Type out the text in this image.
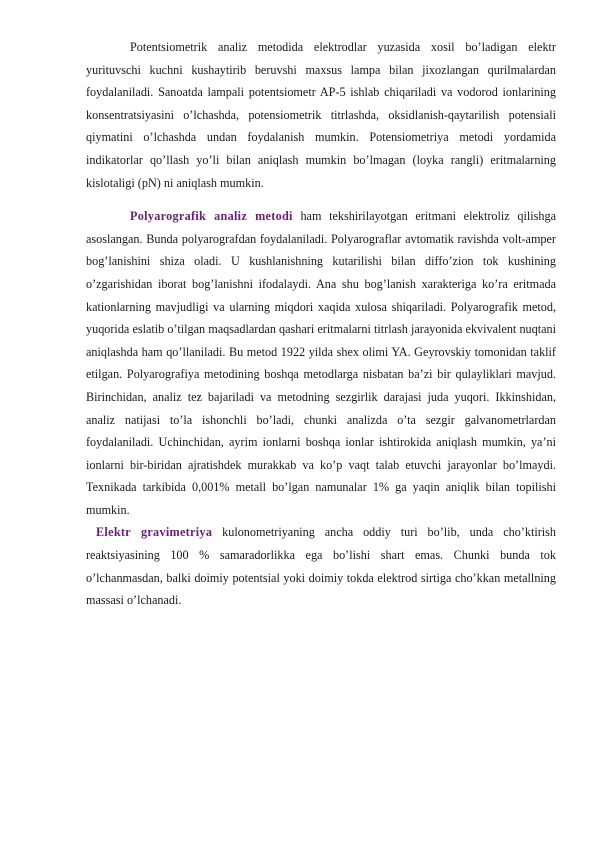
Potentsiometrik analiz metodida elektrodlar yuzasida xosil bo’ladigan elektr yurituvschi kuchni kushaytirib beruvshi maxsus lampa bilan jixozlangan qurilmalardan foydalaniladi. Sanoatda lampali potentsiometr AP-5 ishlab chiqariladi va vodorod ionlarining konsentratsiyasini o’lchashda, potensiometrik titrlashda, oksidlanish-qaytarilish potensiali qiymatini o’lchashda undan foydalanish mumkin. Potensiometriya metodi yordamida indikatorlar qo’llash yo’li bilan aniqlash mumkin bo’lmagan (loyka rangli) eritmalarning kislotaligi (pN) ni aniqlash mumkin.

Polyarografik analiz metodi ham tekshirilayotgan eritmani elektroliz qilishga asoslangan. Bunda polyarografdan foydalaniladi. Polyarograflar avtomatik ravishda volt-amper bog’lanishini shiza oladi. U kushlanishning kutarilishi bilan diffo’zion tok kushining o’zgarishidan iborat bog’lanishni ifodalaydi. Ana shu bog’lanish xarakteriga ko’ra eritmada kationlarning mavjudligi va ularning miqdori xaqida xulosa shiqariladi. Polyarografik metod, yuqorida eslatib o’tilgan maqsadlardan qashari eritmalarni titrlash jarayonida ekvivalent nuqtani aniqlashda ham qo’llaniladi. Bu metod 1922 yilda shex olimi YA. Geyrovskiy tomonidan taklif etilgan. Polyarografiya metodining boshqa metodlarga nisbatan ba’zi bir qulayliklari mavjud. Birinchidan, analiz tez bajariladi va metodning sezgirlik darajasi juda yuqori. Ikkinshidan, analiz natijasi to’la ishonchli bo’ladi, chunki analizda o’ta sezgir galvanometrlardan foydalaniladi. Uchinchidan, ayrim ionlarni boshqa ionlar ishtirokida aniqlash mumkin, ya’ni ionlarni bir-biridan ajratishdek murakkab va ko’p vaqt talab etuvchi jarayonlar bo’lmaydi. Texnikada tarkibida 0,001% metall bo’lgan namunalar 1% ga yaqin aniqlik bilan topilishi mumkin.

Elektr gravimetriya kulonometriyaning ancha oddiy turi bo’lib, unda cho’ktirish reaktsiyasining 100 % samaradorlikka ega bo’lishi shart emas. Chunki bunda tok o’lchanmasdan, balki doimiy potentsial yoki doimiy tokda elektrod sirtiga cho’kkan metallning massasi o’lchanadi.
